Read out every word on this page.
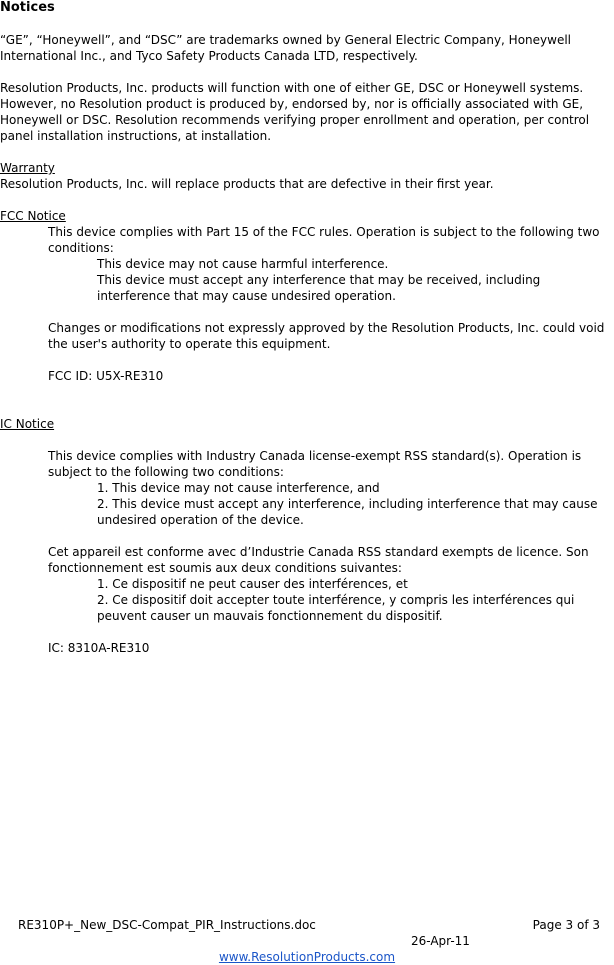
Notices

“GE”, “Honeywell”, and “DSC” are trademarks owned by General Electric Company, Honeywell International Inc., and Tyco Safety Products Canada LTD, respectively.

Resolution Products, Inc. products will function with one of either GE, DSC or Honeywell systems. However, no Resolution product is produced by, endorsed by, nor is officially associated with GE, Honeywell or DSC. Resolution recommends verifying proper enrollment and operation, per control panel installation instructions, at installation.

Warranty

Resolution Products, Inc. will replace products that are defective in their first year.

FCC Notice

This device complies with Part 15 of the FCC rules. Operation is subject to the following two conditions:

This device may not cause harmful interference.

This device must accept any interference that may be received, including interference that may cause undesired operation.

Changes or modifications not expressly approved by the Resolution Products, Inc. could void the user's authority to operate this equipment.

FCC ID: U5X-RE310

IC Notice

This device complies with Industry Canada license-exempt RSS standard(s). Operation is subject to the following two conditions:

1. This device may not cause interference, and

2. This device must accept any interference, including interference that may cause undesired operation of the device.

Cet appareil est conforme avec d’Industrie Canada RSS standard exempts de licence. Son fonctionnement est soumis aux deux conditions suivantes:

1. Ce dispositif ne peut causer des interférences, et

2. Ce dispositif doit accepter toute interférence, y compris les interférences qui peuvent causer un mauvais fonctionnement du dispositif.

IC: 8310A-RE310

RE310P+_New_DSC-Compat_PIR_Instructions.doc	Page 3 of 3
26-Apr-11
www.ResolutionProducts.com
